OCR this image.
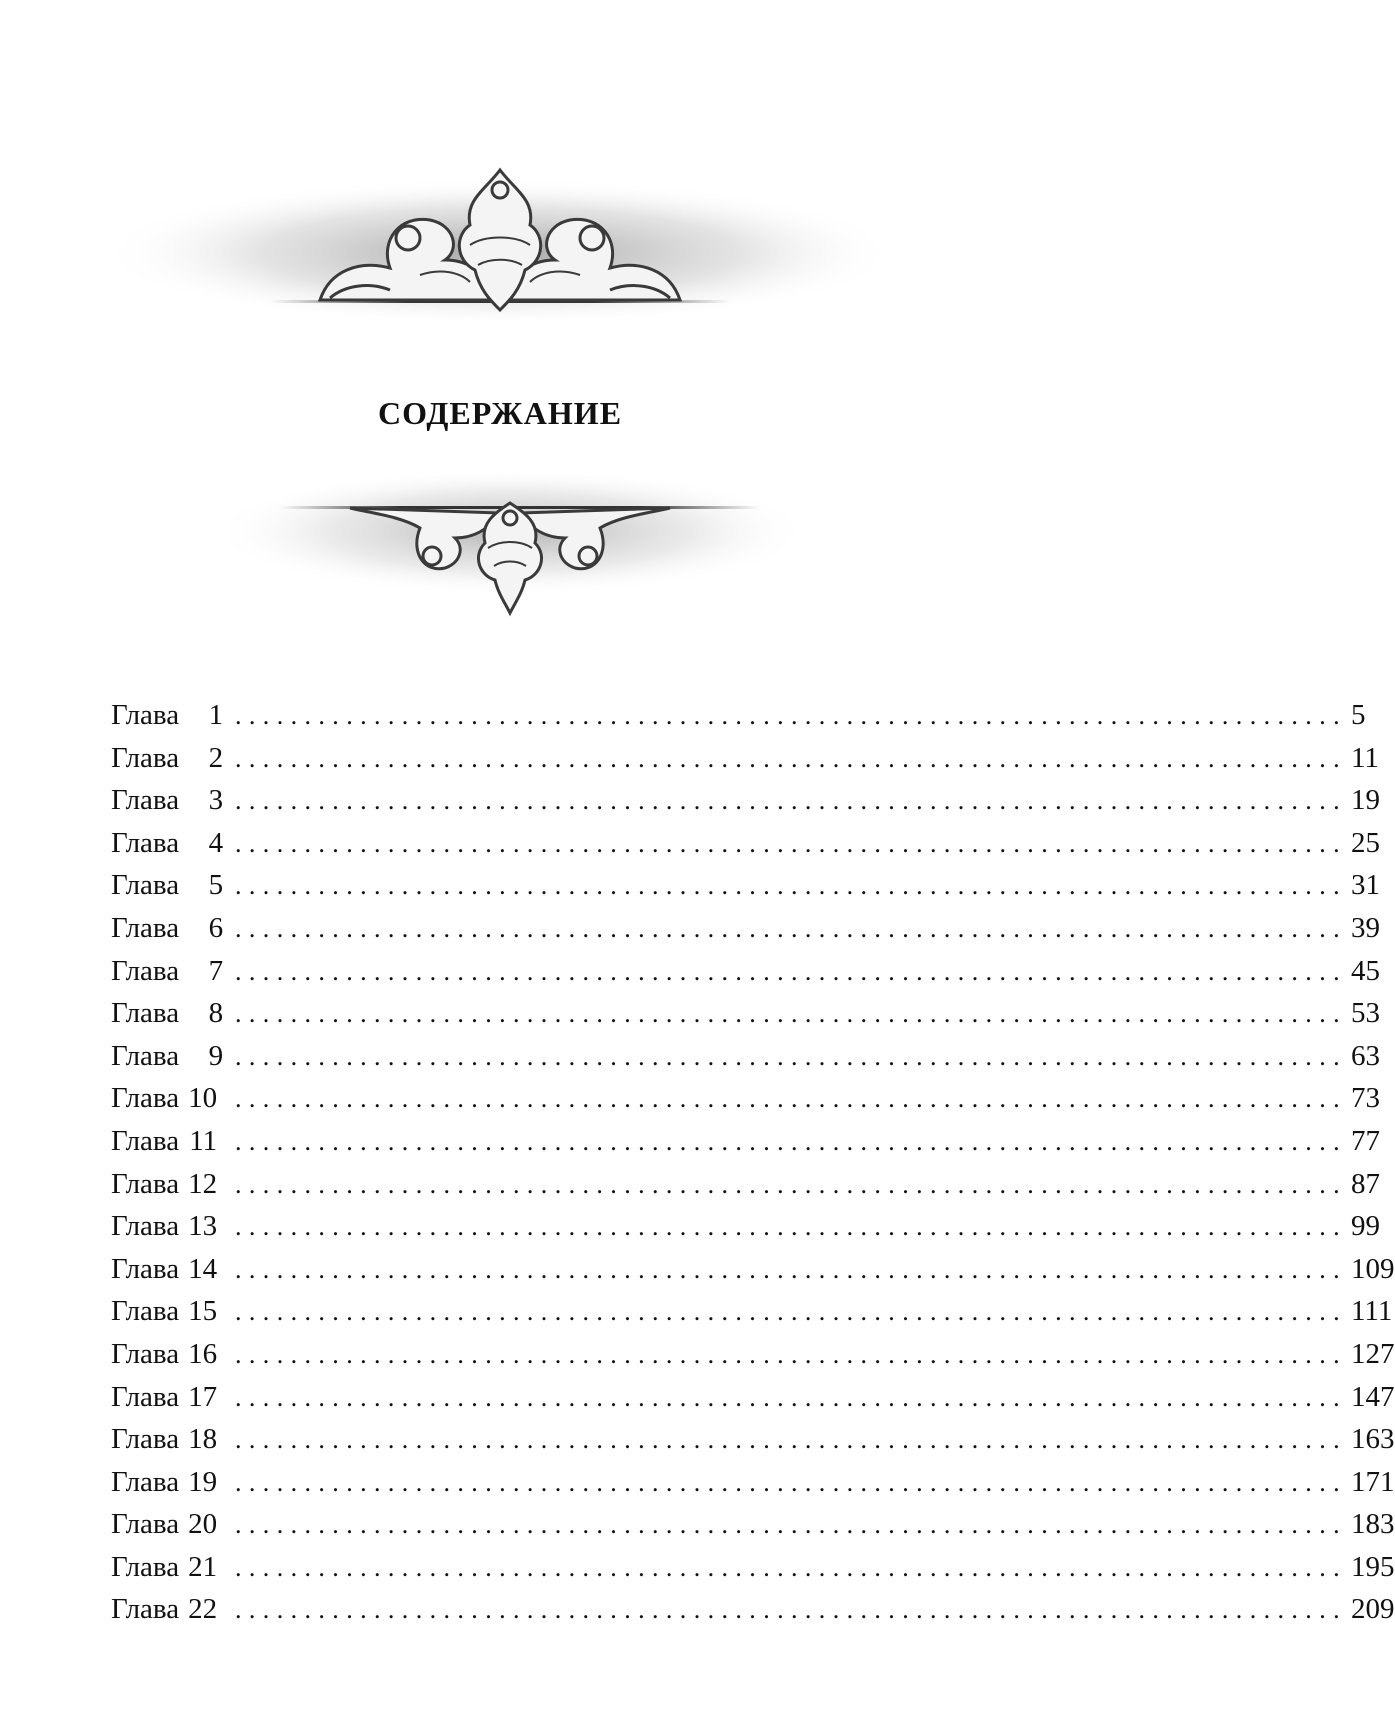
СОДЕРЖАНИЕ
Глава 1 ................................................................................ 5
Глава 2 ................................................................................ 11
Глава 3 ................................................................................ 19
Глава 4 ................................................................................ 25
Глава 5 ................................................................................ 31
Глава 6 ................................................................................ 39
Глава 7 ................................................................................ 45
Глава 8 ................................................................................ 53
Глава 9 ................................................................................ 63
Глава 10 ................................................................................ 73
Глава 11 ................................................................................ 77
Глава 12 ................................................................................ 87
Глава 13 ................................................................................ 99
Глава 14 ................................................................................ 109
Глава 15 ................................................................................ 111
Глава 16 ................................................................................ 127
Глава 17 ................................................................................ 147
Глава 18 ................................................................................ 163
Глава 19 ................................................................................ 171
Глава 20 ................................................................................ 183
Глава 21 ................................................................................ 195
Глава 22 ................................................................................ 209
